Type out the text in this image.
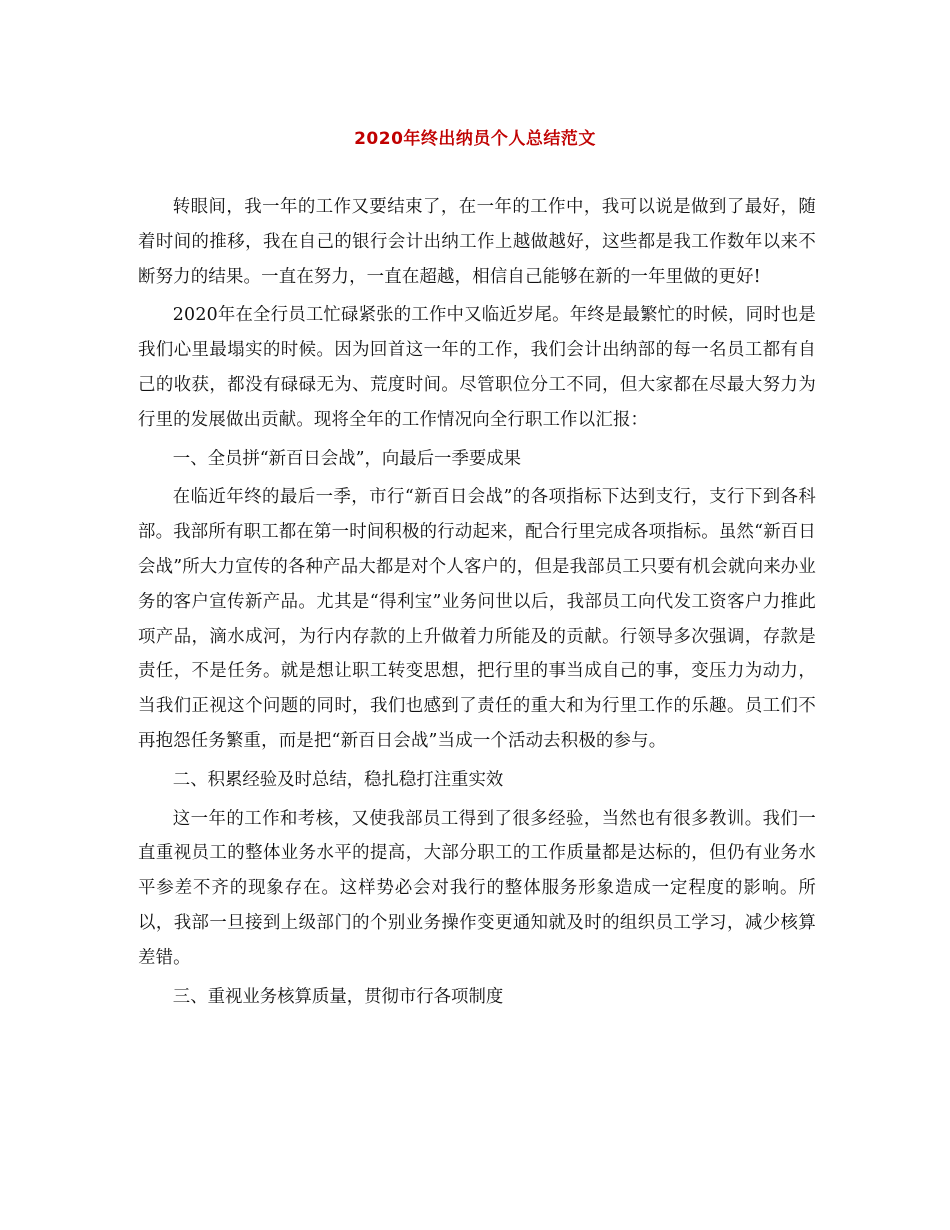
2020年终出纳员个人总结范文

转眼间，我一年的工作又要结束了，在一年的工作中，我可以说是做到了最好，随着时间的推移，我在自己的银行会计出纳工作上越做越好，这些都是我工作数年以来不断努力的结果。一直在努力，一直在超越，相信自己能够在新的一年里做的更好!

2020年在全行员工忙碌紧张的工作中又临近岁尾。年终是最繁忙的时候，同时也是我们心里最塌实的时候。因为回首这一年的工作，我们会计出纳部的每一名员工都有自己的收获，都没有碌碌无为、荒度时间。尽管职位分工不同，但大家都在尽最大努力为行里的发展做出贡献。现将全年的工作情况向全行职工作以汇报：

一、全员拼“新百日会战”，向最后一季要成果

在临近年终的最后一季，市行“新百日会战”的各项指标下达到支行，支行下到各科部。我部所有职工都在第一时间积极的行动起来，配合行里完成各项指标。虽然“新百日会战”所大力宣传的各种产品大都是对个人客户的，但是我部员工只要有机会就向来办业务的客户宣传新产品。尤其是“得利宝”业务问世以后，我部员工向代发工资客户力推此项产品，滴水成河，为行内存款的上升做着力所能及的贡献。行领导多次强调，存款是责任，不是任务。就是想让职工转变思想，把行里的事当成自己的事，变压力为动力，当我们正视这个问题的同时，我们也感到了责任的重大和为行里工作的乐趣。员工们不再抱怨任务繁重，而是把“新百日会战”当成一个活动去积极的参与。

二、积累经验及时总结，稳扎稳打注重实效

这一年的工作和考核，又使我部员工得到了很多经验，当然也有很多教训。我们一直重视员工的整体业务水平的提高，大部分职工的工作质量都是达标的，但仍有业务水平参差不齐的现象存在。这样势必会对我行的整体服务形象造成一定程度的影响。所以，我部一旦接到上级部门的个别业务操作变更通知就及时的组织员工学习，减少核算差错。

三、重视业务核算质量，贯彻市行各项制度
